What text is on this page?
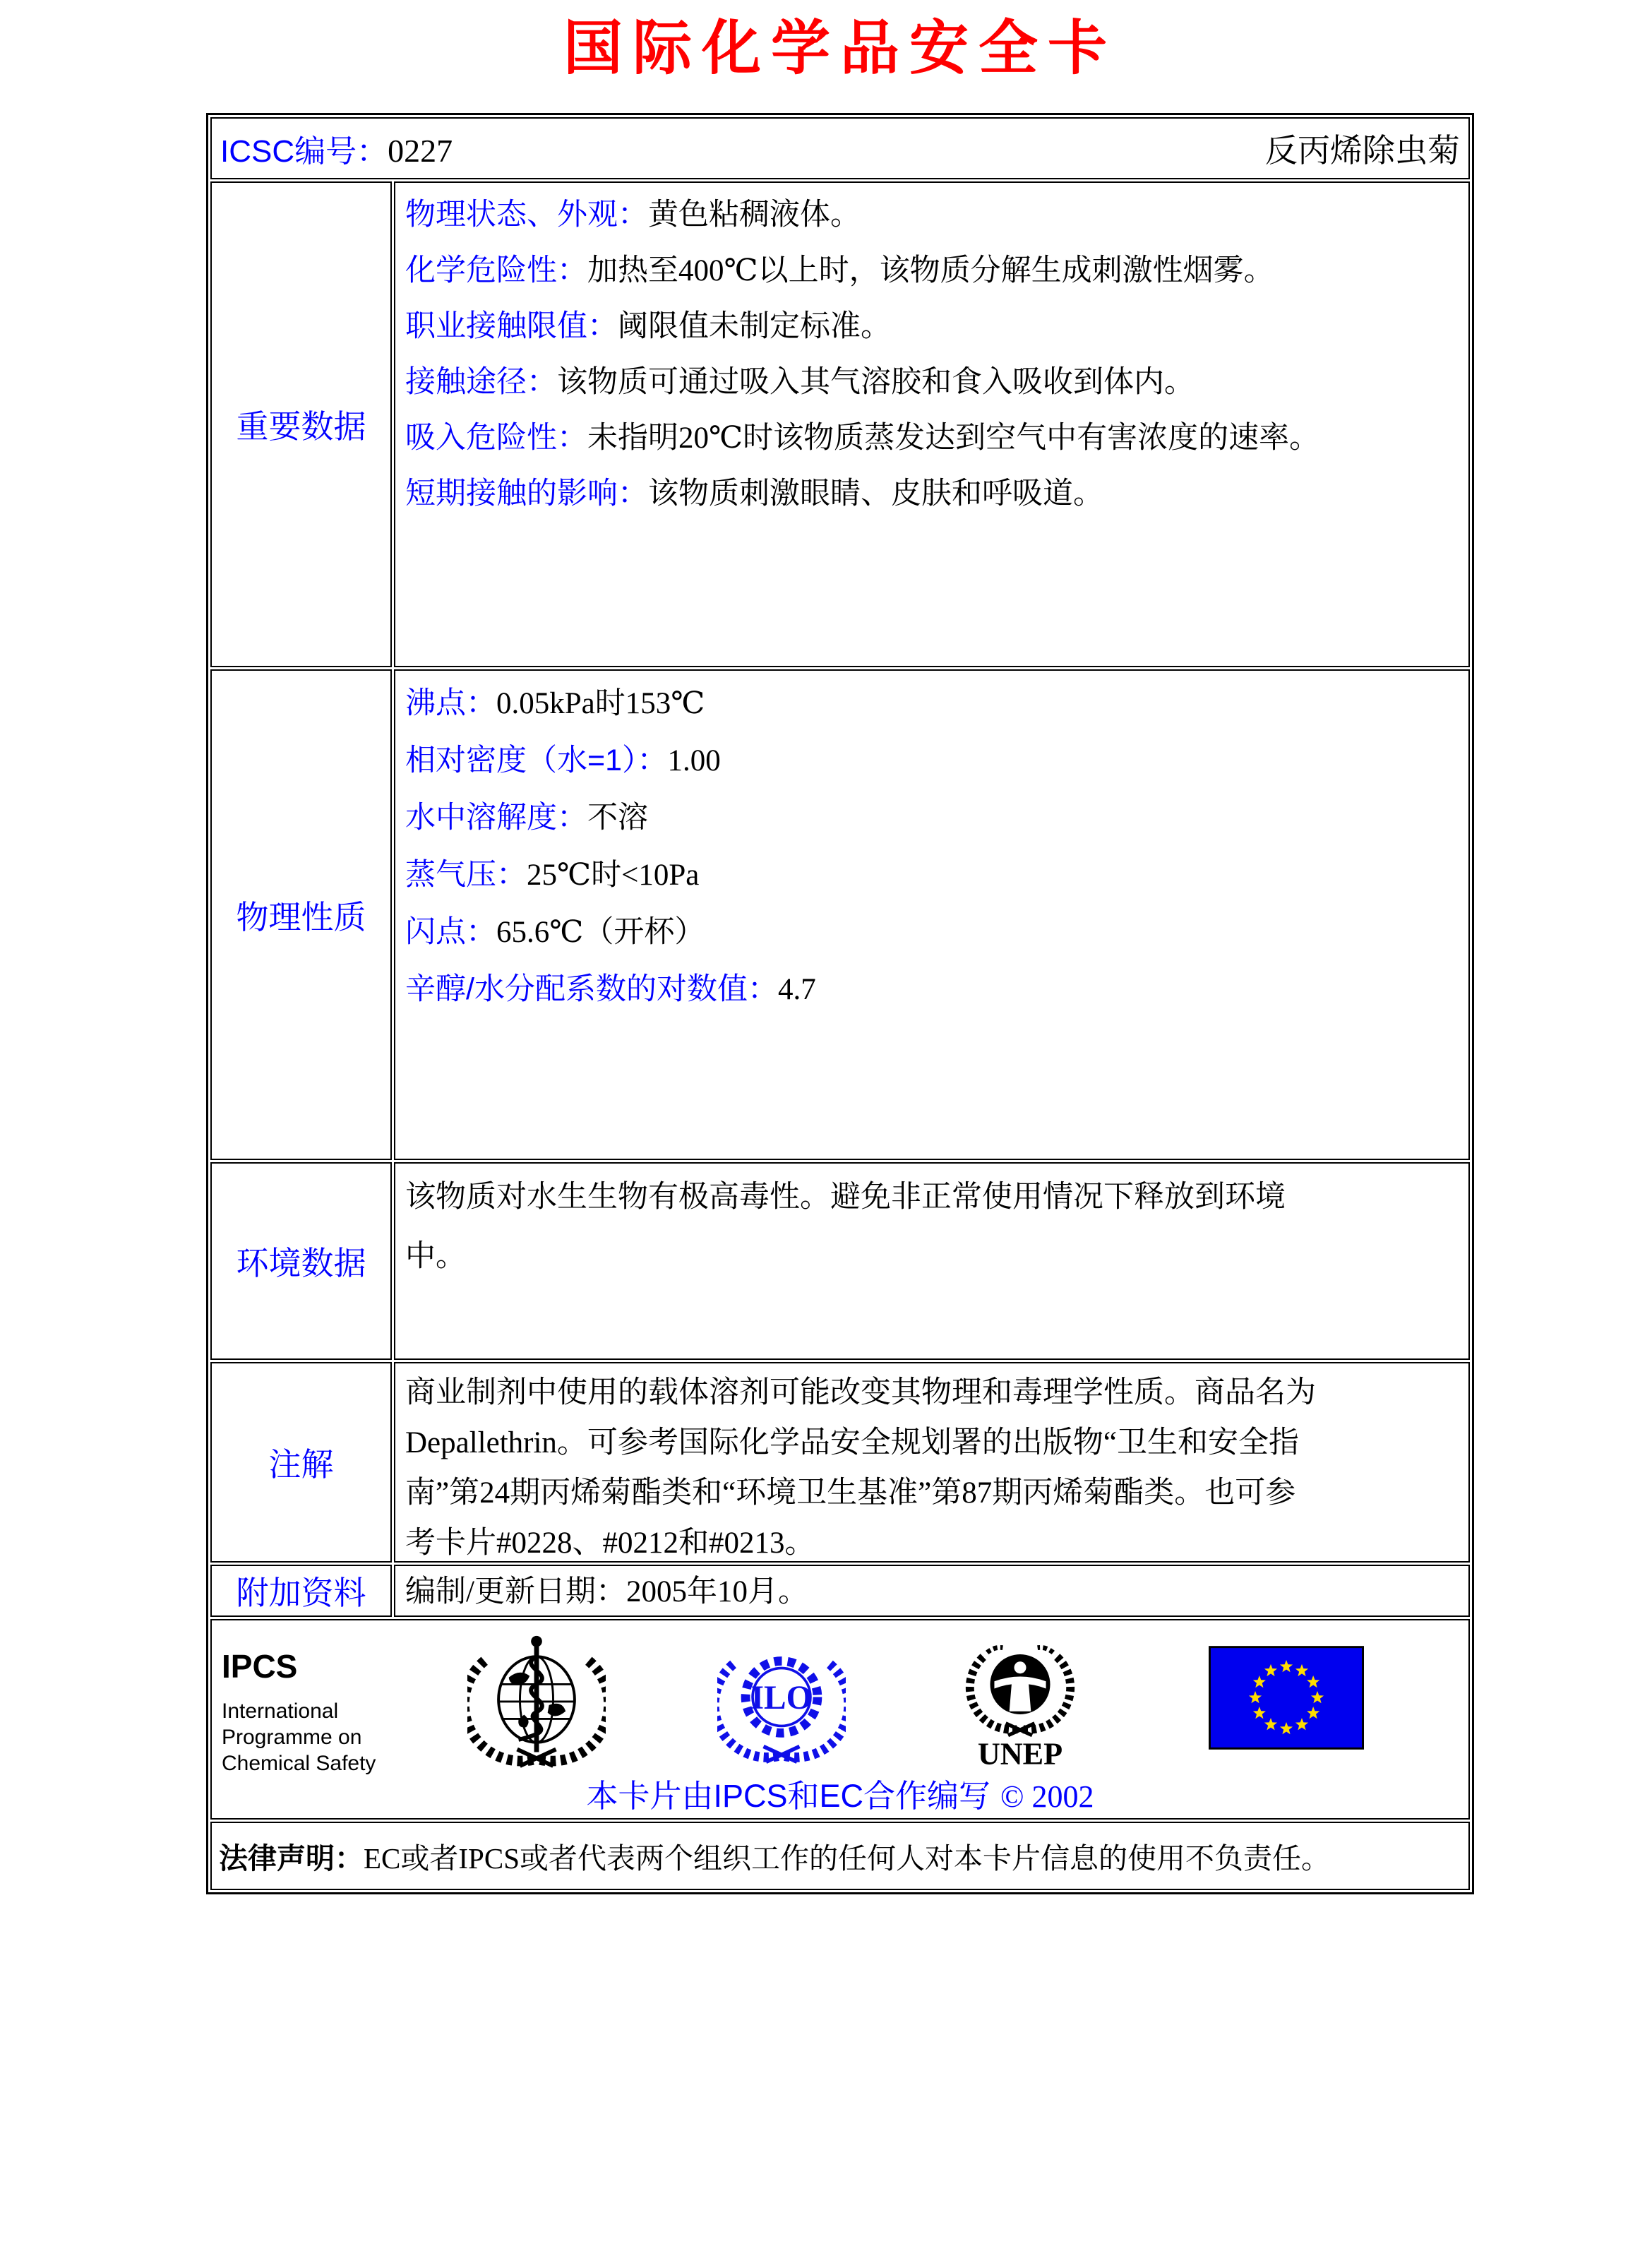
国际化学品安全卡
ICSC编号：0227	反丙烯除虫菊
重要数据
物理状态、外观：黄色粘稠液体。
化学危险性：加热至400℃以上时，该物质分解生成刺激性烟雾。
职业接触限值：阈限值未制定标准。
接触途径：该物质可通过吸入其气溶胶和食入吸收到体内。
吸入危险性：未指明20℃时该物质蒸发达到空气中有害浓度的速率。
短期接触的影响：该物质刺激眼睛、皮肤和呼吸道。
物理性质
沸点：0.05kPa时153℃
相对密度（水=1）：1.00
水中溶解度：不溶
蒸气压：25℃时<10Pa
闪点：65.6℃（开杯）
辛醇/水分配系数的对数值：4.7
环境数据
该物质对水生生物有极高毒性。避免非正常使用情况下释放到环境
中。
注解
商业制剂中使用的载体溶剂可能改变其物理和毒理学性质。商品名为
Depallethrin。可参考国际化学品安全规划署的出版物“卫生和安全指
南”第24期丙烯菊酯类和“环境卫生基准”第87期丙烯菊酯类。也可参
考卡片#0228、#0212和#0213。
附加资料	编制/更新日期：2005年10月。
IPCS
International
Programme on
Chemical Safety
ILO
UNEP
本卡片由IPCS和EC合作编写 © 2002
法律声明： EC或者IPCS或者代表两个组织工作的任何人对本卡片信息的使用不负责任。
